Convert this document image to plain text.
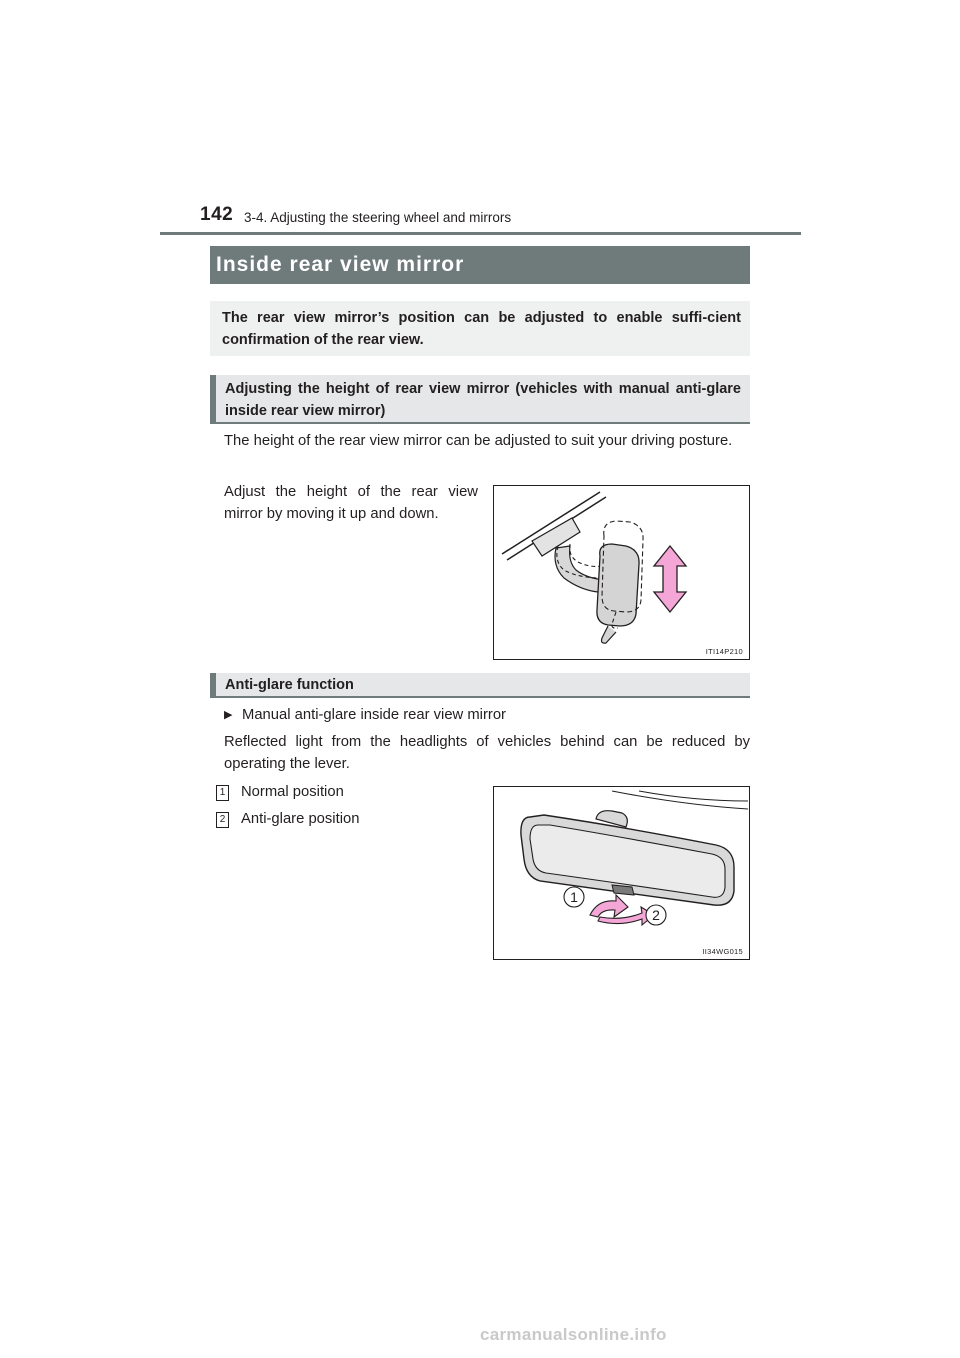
142 3-4. Adjusting the steering wheel and mirrors
Inside rear view mirror
The rear view mirror’s position can be adjusted to enable suffi-cient confirmation of the rear view.
Adjusting the height of rear view mirror (vehicles with manual anti-glare inside rear view mirror)
The height of the rear view mirror can be adjusted to suit your driving posture.
Adjust the height of the rear view mirror by moving it up and down.
ITI14P210
Anti-glare function
▶ Manual anti-glare inside rear view mirror
Reflected light from the headlights of vehicles behind can be reduced by operating the lever.
1 Normal position
2 Anti-glare position
1
2
II34WG015
carmanualsonline.info
